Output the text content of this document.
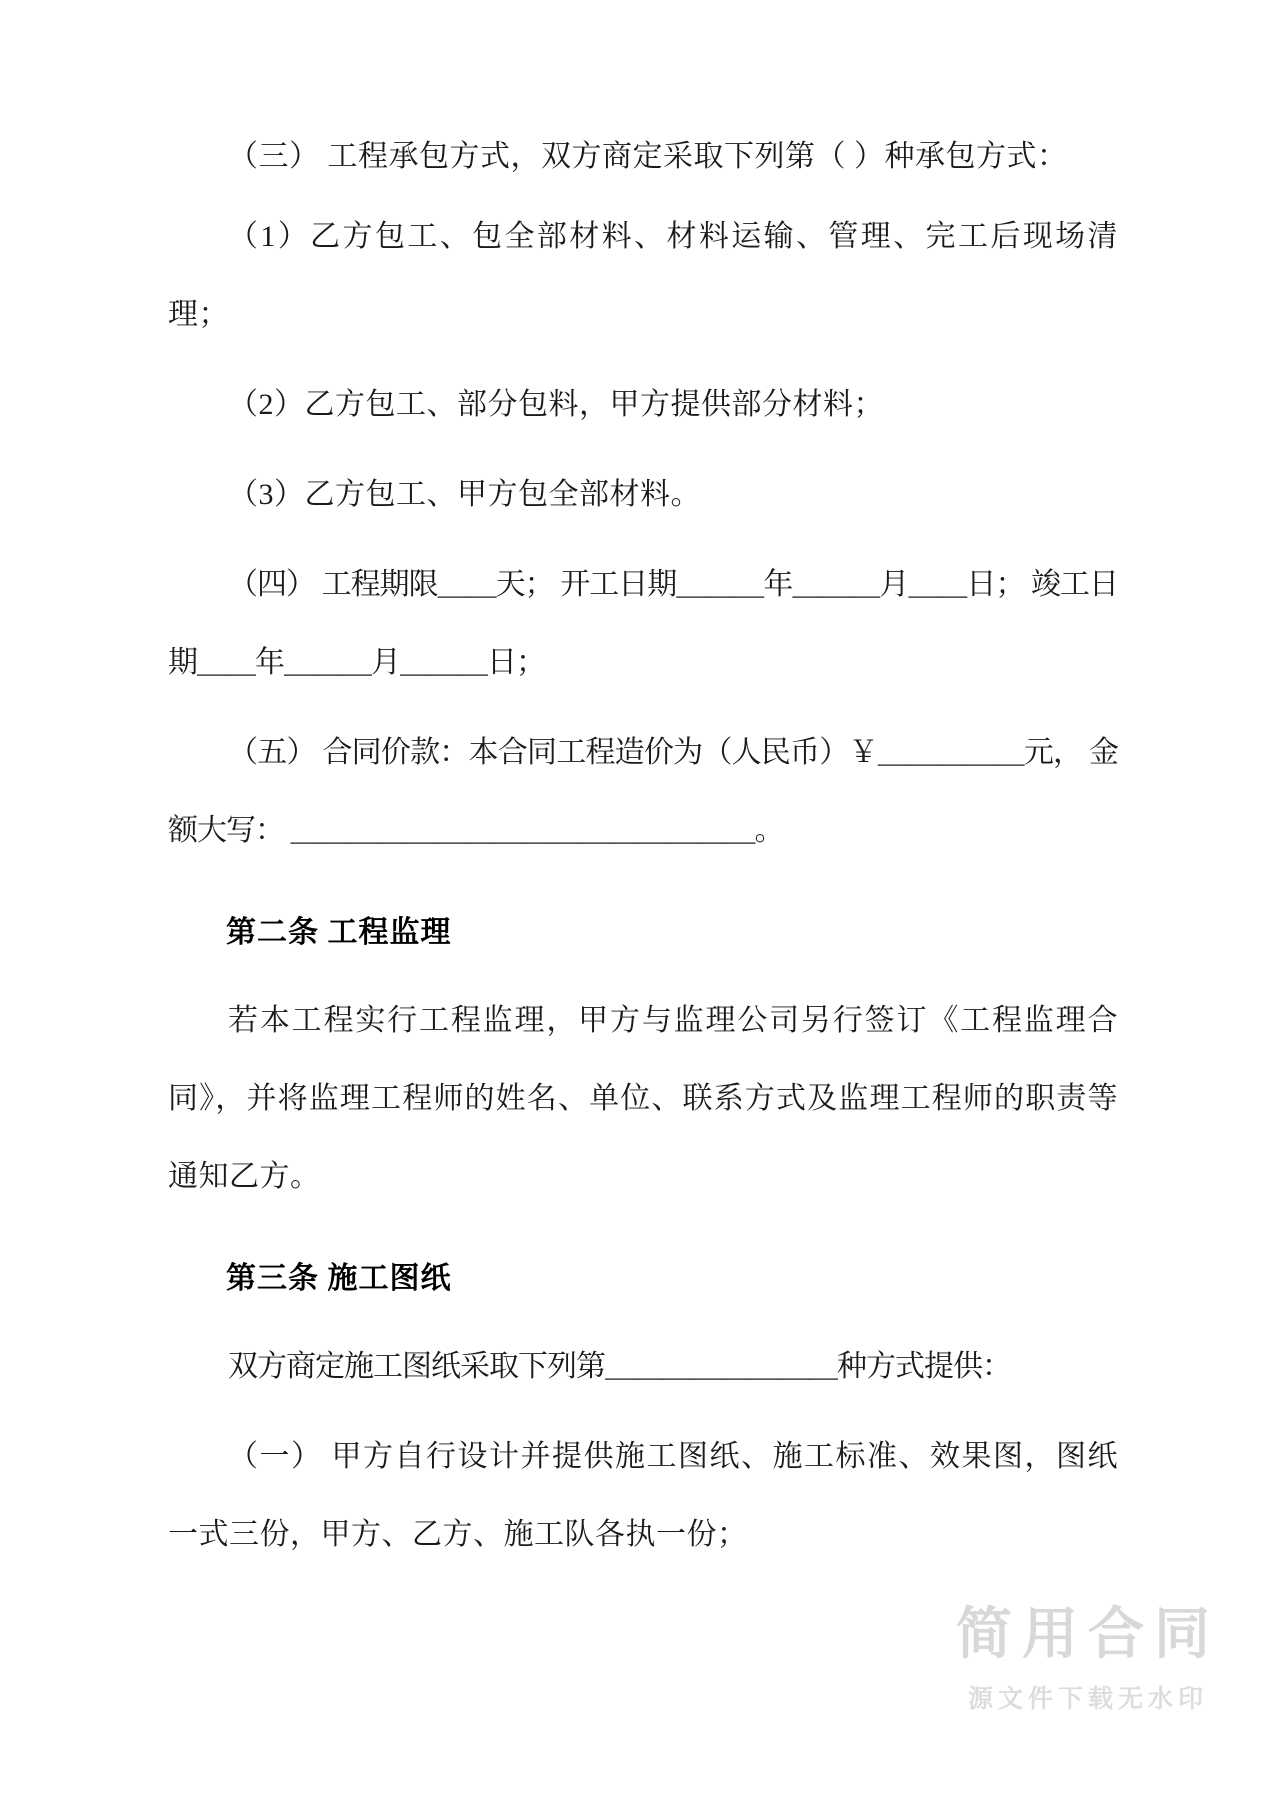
（三） 工程承包方式，双方商定采取下列第（ ）种承包方式：

（1）乙方包工、包全部材料、材料运输、管理、完工后现场清理；

（2）乙方包工、部分包料，甲方提供部分材料；

（3）乙方包工、甲方包全部材料。

（四） 工程期限＿＿天； 开工日期＿＿＿年＿＿＿月＿＿日； 竣工日期＿＿年＿＿＿月＿＿＿日；

（五） 合同价款：本合同工程造价为（人民币）￥＿＿＿＿＿元， 金额大写： ＿＿＿＿＿＿＿＿＿＿＿＿＿＿＿＿。

第二条 工程监理

若本工程实行工程监理，甲方与监理公司另行签订《工程监理合同》，并将监理工程师的姓名、单位、联系方式及监理工程师的职责等通知乙方。

第三条 施工图纸

双方商定施工图纸采取下列第＿＿＿＿＿＿＿＿种方式提供：

（一） 甲方自行设计并提供施工图纸、施工标准、效果图，图纸一式三份，甲方、乙方、施工队各执一份；

简用合同
源文件下载无水印
